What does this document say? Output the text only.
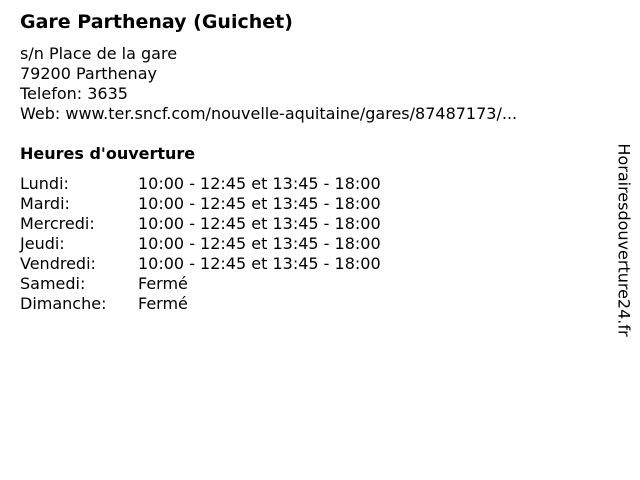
Gare Parthenay (Guichet)
s/n Place de la gare
79200 Parthenay
Telefon: 3635
Web: www.ter.sncf.com/nouvelle-aquitaine/gares/87487173/...
Heures d'ouverture
Lundi:	10:00 - 12:45 et 13:45 - 18:00
Mardi:	10:00 - 12:45 et 13:45 - 18:00
Mercredi:	10:00 - 12:45 et 13:45 - 18:00
Jeudi:	10:00 - 12:45 et 13:45 - 18:00
Vendredi:	10:00 - 12:45 et 13:45 - 18:00
Samedi:	Fermé
Dimanche:	Fermé	Horairesdouverture24.fr
